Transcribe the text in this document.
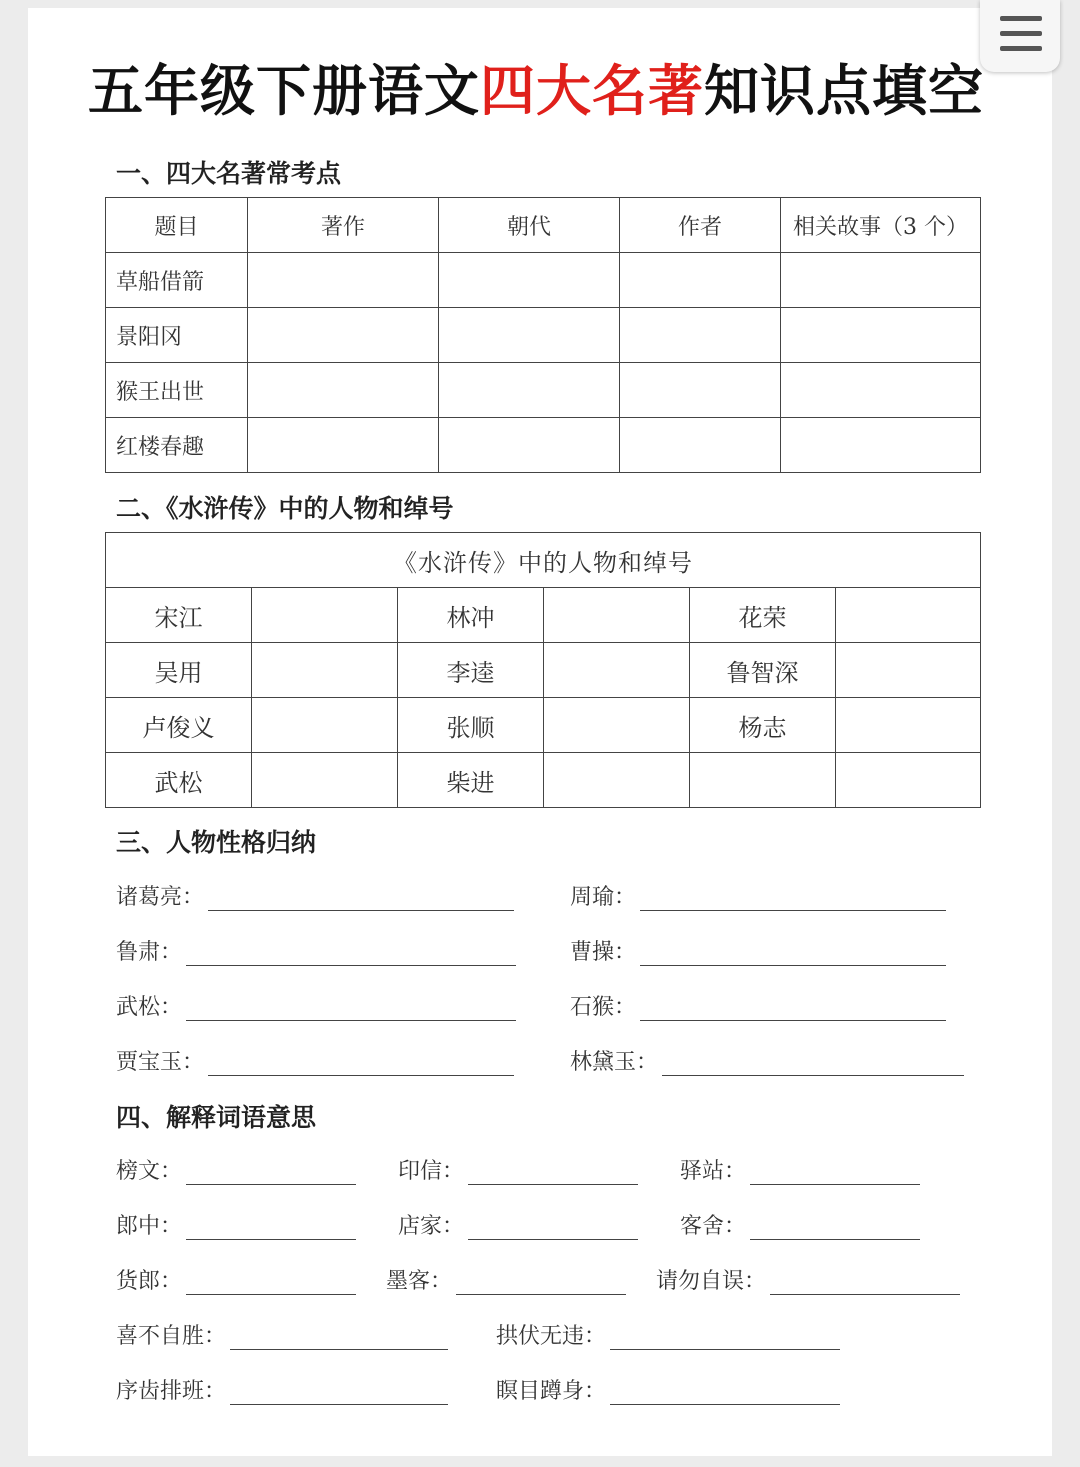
五年级下册语文四大名著知识点填空
一、四大名著常考点
题目	著作	朝代	作者	相关故事（3 个）
草船借箭				
景阳冈				
猴王出世				
红楼春趣				
二、《水浒传》中的人物和绰号
《水浒传》中的人物和绰号					
宋江		林冲		花荣	
吴用		李逵		鲁智深	
卢俊义		张顺		杨志	
武松		柴进			
三、人物性格归纳
诸葛亮：	周瑜：
鲁肃：	曹操：
武松：	石猴：
贾宝玉：	林黛玉：
四、解释词语意思
榜文：	印信：	驿站：
郎中：	店家：	客舍：
货郎：	墨客：	请勿自误：
喜不自胜：	拱伏无违：
序齿排班：	瞑目蹲身：
